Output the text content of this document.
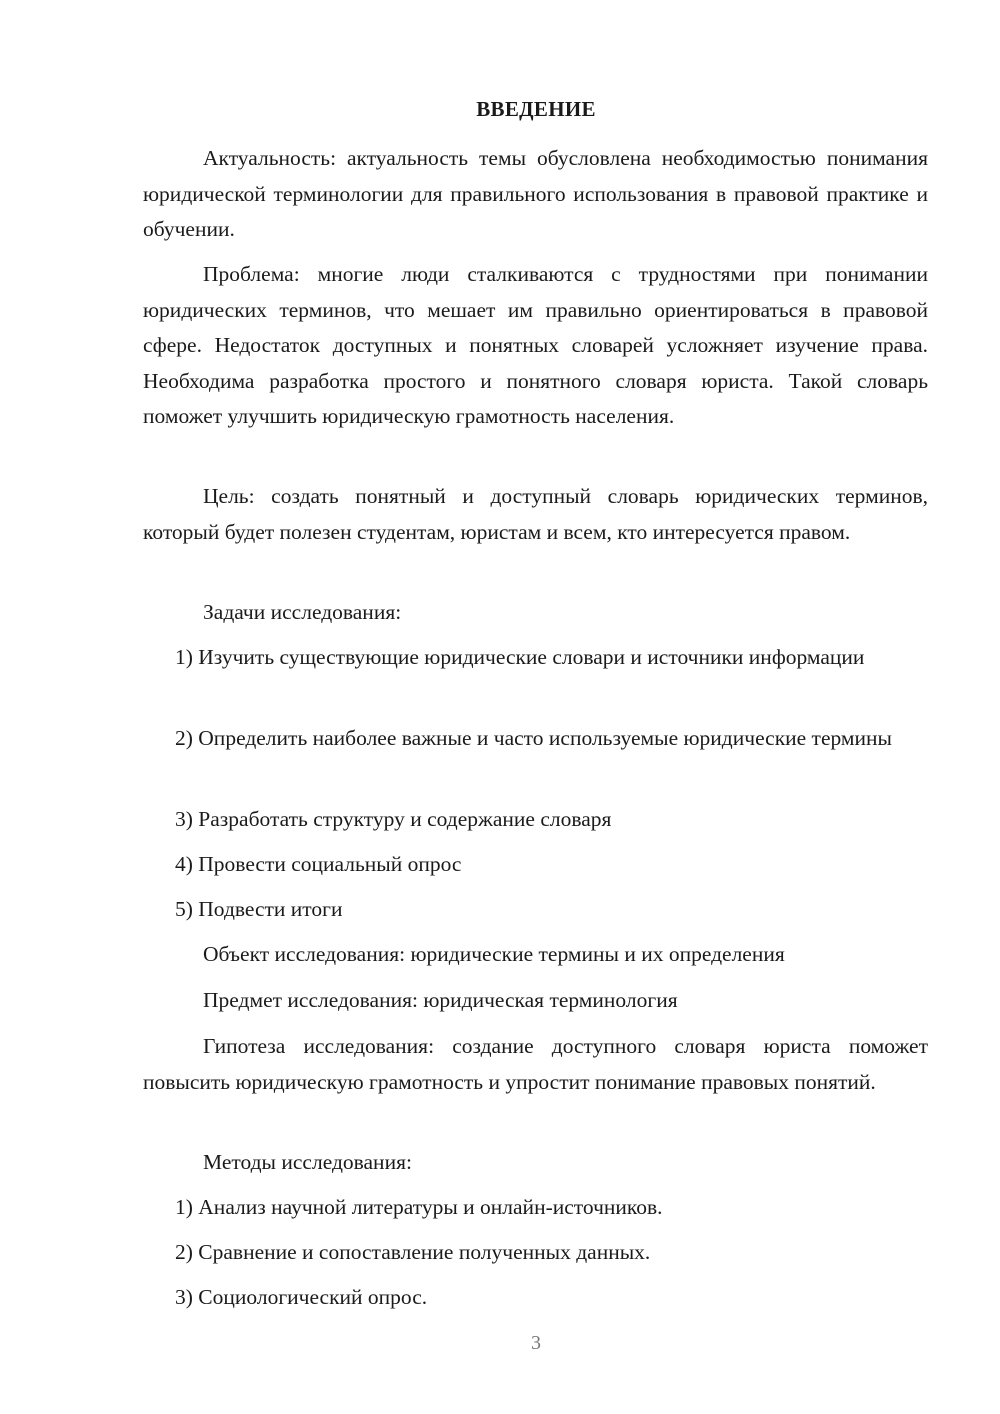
ВВЕДЕНИЕ

Актуальность: актуальность темы обусловлена необходимостью понимания юридической терминологии для правильного использования в правовой практике и обучении.

Проблема: многие люди сталкиваются с трудностями при понимании юридических терминов, что мешает им правильно ориентироваться в правовой сфере. Недостаток доступных и понятных словарей усложняет изучение права. Необходима разработка простого и понятного словаря юриста. Такой словарь поможет улучшить юридическую грамотность населения.

Цель: создать понятный и доступный словарь юридических терминов, который будет полезен студентам, юристам и всем, кто интересуется правом.

Задачи исследования:

1) Изучить существующие юридические словари и источники информации

2) Определить наиболее важные и часто используемые юридические термины

3) Разработать структуру и содержание словаря

4) Провести социальный опрос

5) Подвести итоги

Объект исследования: юридические термины и их определения

Предмет исследования: юридическая терминология

Гипотеза исследования: создание доступного словаря юриста поможет повысить юридическую грамотность и упростит понимание правовых понятий.

Методы исследования:

1) Анализ научной литературы и онлайн-источников.

2) Сравнение и сопоставление полученных данных.

3) Социологический опрос.

3
